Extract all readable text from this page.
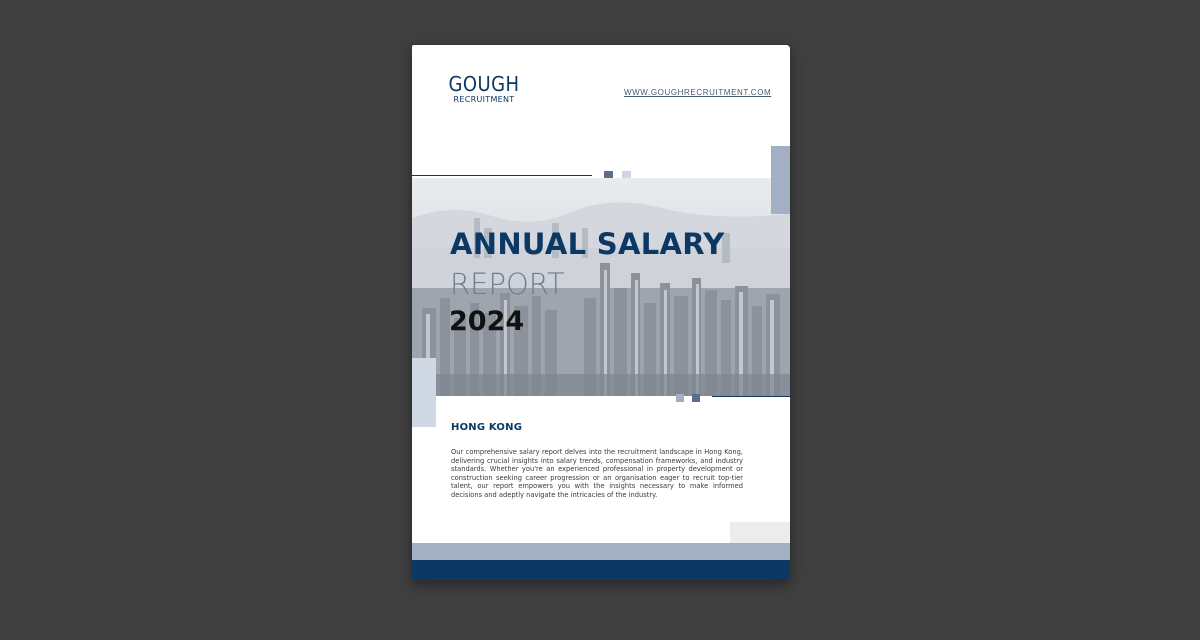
GOUGH
RECRUITMENT
WWW.GOUGHRECRUITMENT.COM
ANNUAL SALARY
REPORT
2024
HONG KONG
Our comprehensive salary report delves into the recruitment landscape in Hong Kong, delivering crucial insights into salary trends, compensation frameworks, and industry standards. Whether you're an experienced professional in property development or construction seeking career progression or an organisation eager to recruit top-tier talent, our report empowers you with the insights necessary to make informed decisions and adeptly navigate the intricacies of the industry.
